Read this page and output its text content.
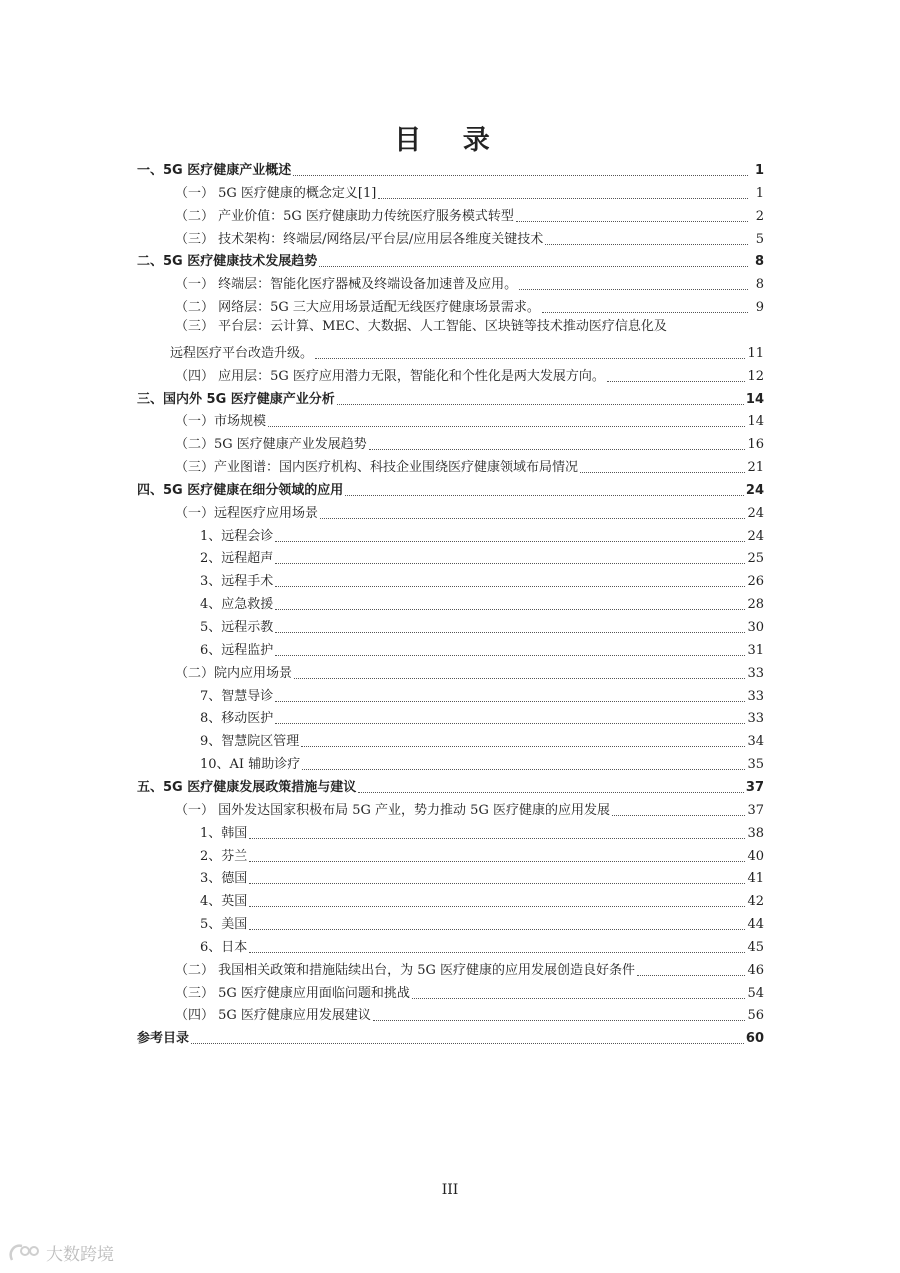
目 录
一、5G 医疗健康产业概述	1
（一） 5G 医疗健康的概念定义[1]	1
（二） 产业价值：5G 医疗健康助力传统医疗服务模式转型	2
（三） 技术架构：终端层/网络层/平台层/应用层各维度关键技术	5
二、5G 医疗健康技术发展趋势	8
（一） 终端层：智能化医疗器械及终端设备加速普及应用。	8
（二） 网络层：5G 三大应用场景适配无线医疗健康场景需求。	9
（三） 平台层：云计算、MEC、大数据、人工智能、区块链等技术推动医疗信息化及
远程医疗平台改造升级。	11
（四） 应用层：5G 医疗应用潜力无限，智能化和个性化是两大发展方向。	12
三、国内外 5G 医疗健康产业分析	14
（一）市场规模	14
（二）5G 医疗健康产业发展趋势	16
（三）产业图谱：国内医疗机构、科技企业围绕医疗健康领域布局情况	21
四、5G 医疗健康在细分领域的应用	24
（一）远程医疗应用场景	24
1、远程会诊	24
2、远程超声	25
3、远程手术	26
4、应急救援	28
5、远程示教	30
6、远程监护	31
（二）院内应用场景	33
7、智慧导诊	33
8、移动医护	33
9、智慧院区管理	34
10、AI 辅助诊疗	35
五、5G 医疗健康发展政策措施与建议	37
（一） 国外发达国家积极布局 5G 产业，势力推动 5G 医疗健康的应用发展	37
1、韩国	38
2、芬兰	40
3、德国	41
4、英国	42
5、美国	44
6、日本	45
（二） 我国相关政策和措施陆续出台，为 5G 医疗健康的应用发展创造良好条件	46
（三） 5G 医疗健康应用面临问题和挑战	54
（四） 5G 医疗健康应用发展建议	56
参考目录	60
III
大数跨境
